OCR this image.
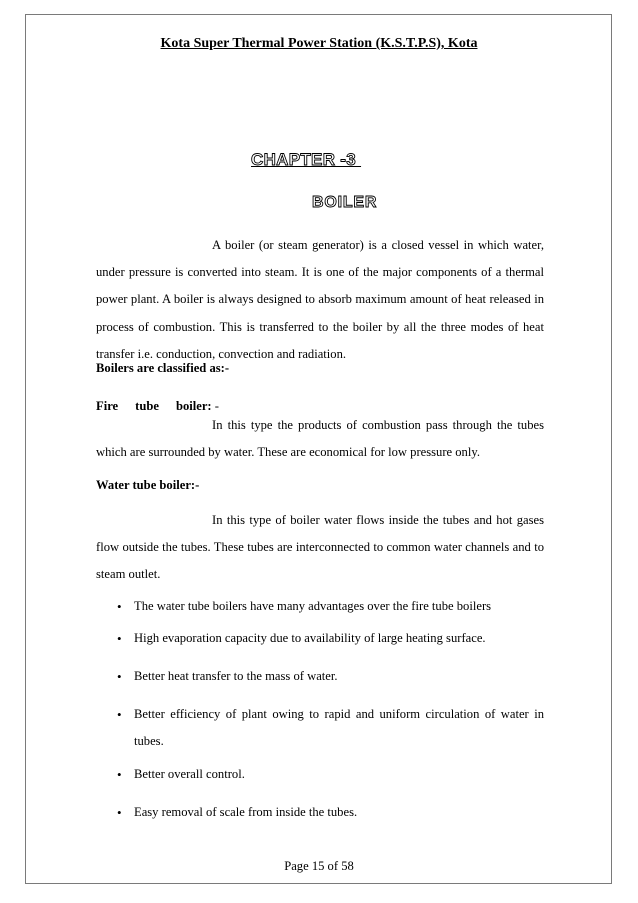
Kota Super Thermal Power Station (K.S.T.P.S), Kota
CHAPTER -3
BOILER
A boiler (or steam generator) is a closed vessel in which water, under pressure is converted into steam. It is one of the major components of a thermal power plant. A boiler is always designed to absorb maximum amount of heat released in process of combustion. This is transferred to the boiler by all the three modes of heat transfer i.e. conduction, convection and radiation.
Boilers are classified as:-
Fire tube boiler: -
In this type the products of combustion pass through the tubes which are surrounded by water. These are economical for low pressure only.
Water tube boiler:-
In this type of boiler water flows inside the tubes and hot gases flow outside the tubes. These tubes are interconnected to common water channels and to steam outlet.
• The water tube boilers have many advantages over the fire tube boilers
• High evaporation capacity due to availability of large heating surface.
• Better heat transfer to the mass of water.
• Better efficiency of plant owing to rapid and uniform circulation of water in tubes.
• Better overall control.
• Easy removal of scale from inside the tubes.
Page 15 of 58
